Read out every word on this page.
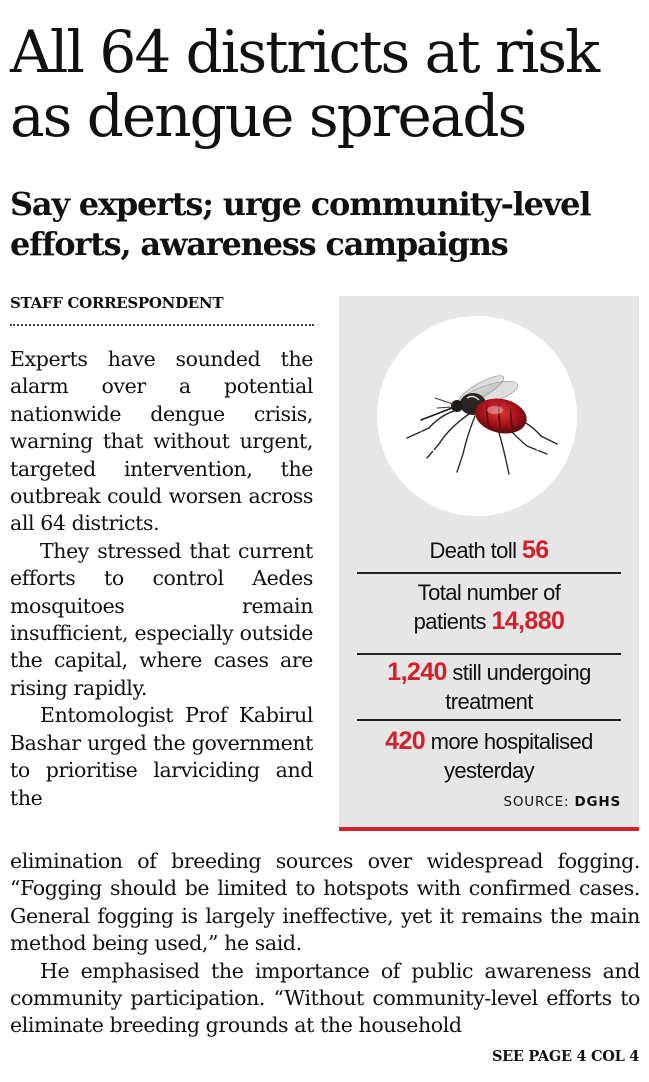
All 64 districts at risk
as dengue spreads
Say experts; urge community-level
efforts, awareness campaigns
STAFF CORRESPONDENT

Experts have sounded the alarm over a potential nationwide dengue crisis, warning that without urgent, targeted intervention, the outbreak could worsen across all 64 districts.

They stressed that current efforts to control Aedes mosquitoes remain insufficient, especially outside the capital, where cases are rising rapidly.

Entomologist Prof Kabirul Bashar urged the government to prioritise larviciding and the

Death toll 56
Total number of
patients 14,880
1,240 still undergoing
treatment
420 more hospitalised
yesterday
SOURCE: DGHS

elimination of breeding sources over widespread fogging. “Fogging should be limited to hotspots with confirmed cases. General fogging is largely ineffective, yet it remains the main method being used,” he said.

He emphasised the importance of public awareness and community participation. “Without community-level efforts to eliminate breeding grounds at the household

SEE PAGE 4 COL 4
